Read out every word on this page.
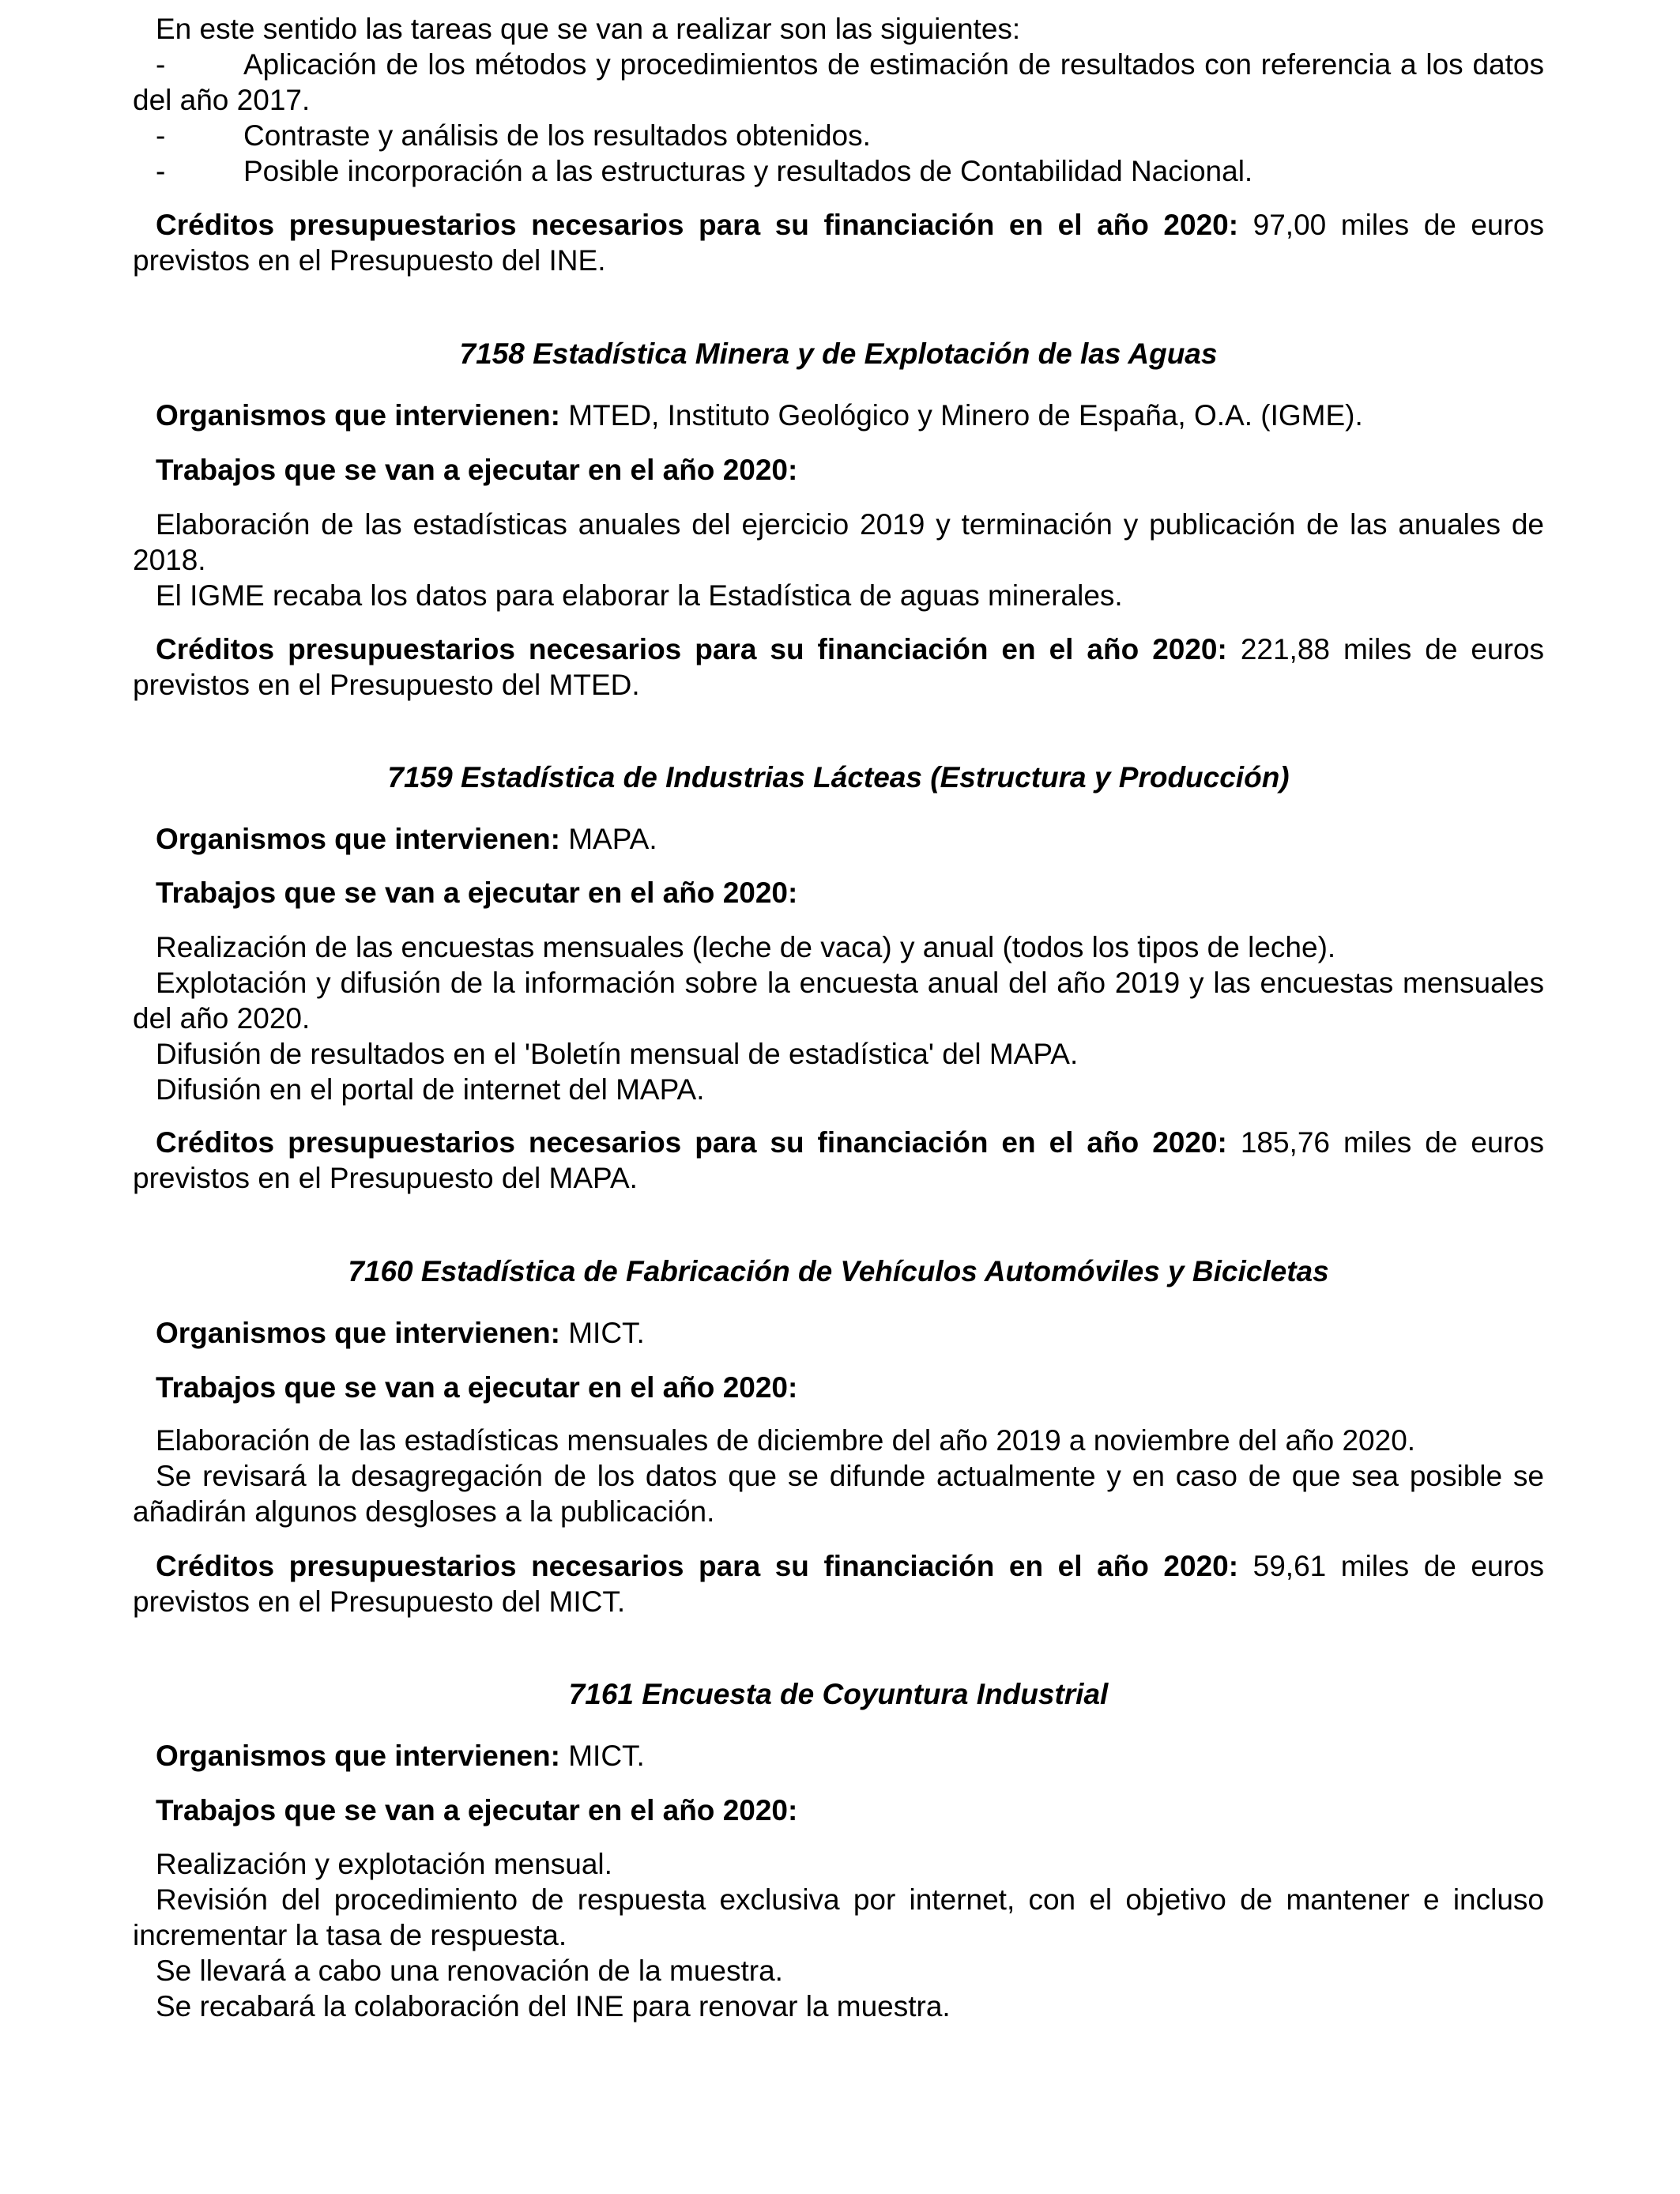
En este sentido las tareas que se van a realizar son las siguientes:

-	Aplicación de los métodos y procedimientos de estimación de resultados con referencia a los datos del año 2017.

-	Contraste y análisis de los resultados obtenidos.

-	Posible incorporación a las estructuras y resultados de Contabilidad Nacional.

Créditos presupuestarios necesarios para su financiación en el año 2020: 97,00 miles de euros previstos en el Presupuesto del INE.

7158 Estadística Minera y de Explotación de las Aguas

Organismos que intervienen: MTED, Instituto Geológico y Minero de España, O.A. (IGME).

Trabajos que se van a ejecutar en el año 2020:

Elaboración de las estadísticas anuales del ejercicio 2019 y terminación y publicación de las anuales de 2018.

El IGME recaba los datos para elaborar la Estadística de aguas minerales.

Créditos presupuestarios necesarios para su financiación en el año 2020: 221,88 miles de euros previstos en el Presupuesto del MTED.

7159 Estadística de Industrias Lácteas (Estructura y Producción)

Organismos que intervienen: MAPA.

Trabajos que se van a ejecutar en el año 2020:

Realización de las encuestas mensuales (leche de vaca) y anual (todos los tipos de leche).

Explotación y difusión de la información sobre la encuesta anual del año 2019 y las encuestas mensuales del año 2020.

Difusión de resultados en el 'Boletín mensual de estadística' del MAPA.

Difusión en el portal de internet del MAPA.

Créditos presupuestarios necesarios para su financiación en el año 2020: 185,76 miles de euros previstos en el Presupuesto del MAPA.

7160 Estadística de Fabricación de Vehículos Automóviles y Bicicletas

Organismos que intervienen: MICT.

Trabajos que se van a ejecutar en el año 2020:

Elaboración de las estadísticas mensuales de diciembre del año 2019 a noviembre del año 2020.

Se revisará la desagregación de los datos que se difunde actualmente y en caso de que sea posible se añadirán algunos desgloses a la publicación.

Créditos presupuestarios necesarios para su financiación en el año 2020: 59,61 miles de euros previstos en el Presupuesto del MICT.

7161 Encuesta de Coyuntura Industrial

Organismos que intervienen: MICT.

Trabajos que se van a ejecutar en el año 2020:

Realización y explotación mensual.

Revisión del procedimiento de respuesta exclusiva por internet, con el objetivo de mantener e incluso incrementar la tasa de respuesta.

Se llevará a cabo una renovación de la muestra.

Se recabará la colaboración del INE para renovar la muestra.
